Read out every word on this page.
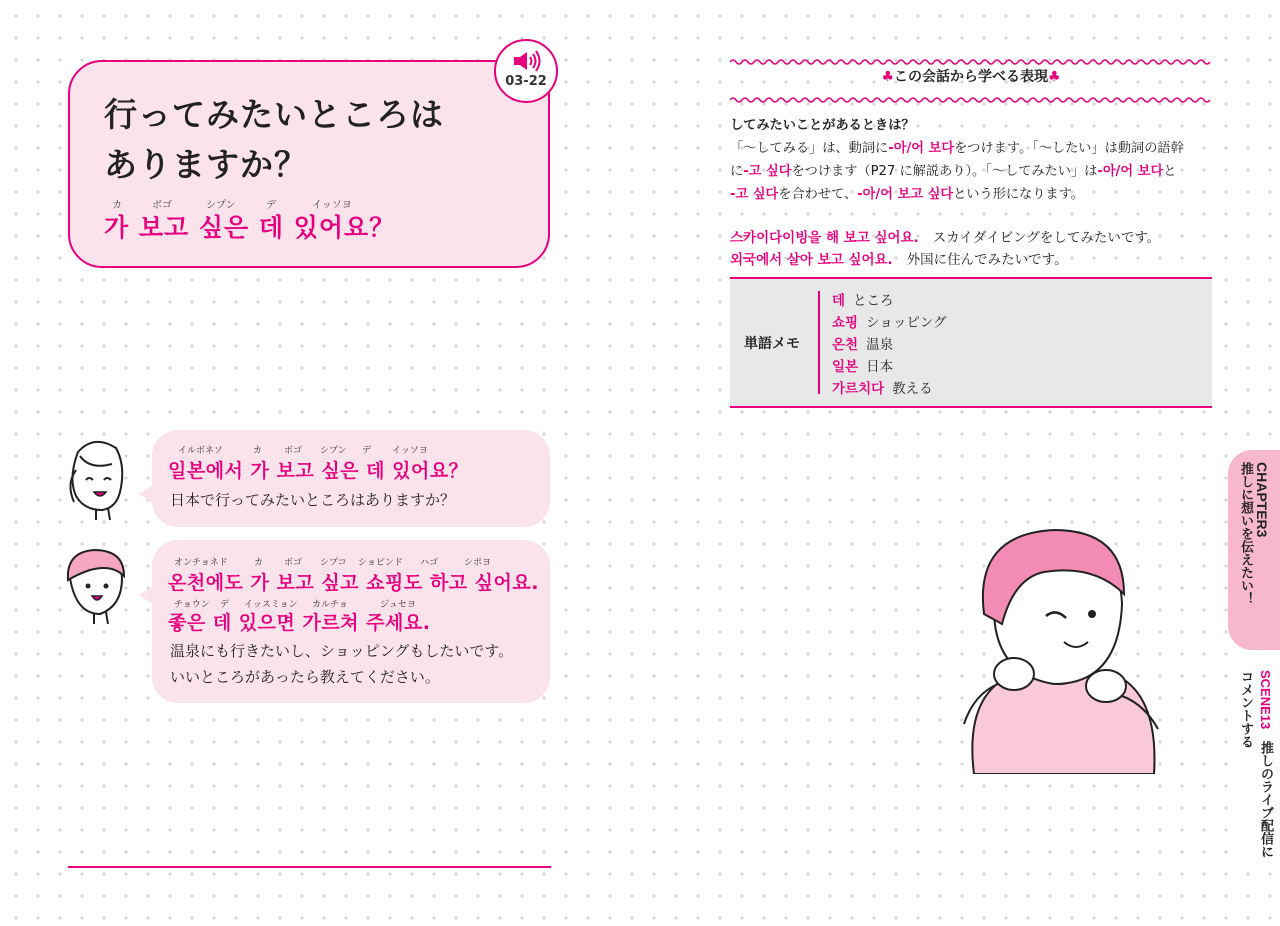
行ってみたいところは
ありますか？
カ	ボゴ	シプン	デ	イッソヨ
가 보고 싶은 데 있어요？
03-22
イルボネソ	カ ボゴ シプン デ イッソヨ
일본에서 가 보고 싶은 데 있어요？
日本で行ってみたいところはありますか？
オンチョネド	カ ボゴ シプコ ショピンド ハゴ	シポヨ
온천에도 가 보고 싶고 쇼핑도 하고 싶어요.
チョウン デ イッスミョン カルチョ	ジュセヨ
좋은 데 있으면 가르쳐 주세요.
温泉にも行きたいし、ショッピングもしたいです。
いいところがあったら教えてください。
♣この会話から学べる表現♣

してみたいことがあるときは？

「～してみる」は、動詞に-아/어 보다をつけます。「～したい」は動詞の語幹

に-고 싶다をつけます（P27 に解説あり）。「～してみたい」は-아/어 보다と

-고 싶다を合わせて、-아/어 보고 싶다という形になります。

스카이다이빙을 해 보고 싶어요. スカイダイビングをしてみたいです。
외국에서 살아 보고 싶어요. 外国に住んでみたいです。
単語メモ
데 ところ
쇼핑 ショッピング
온천 温泉
일본 日本
가르치다 教える
CHAPTER3
推しに想いを伝えたい！
SCENE13推しのライブ配信に
コメントする
